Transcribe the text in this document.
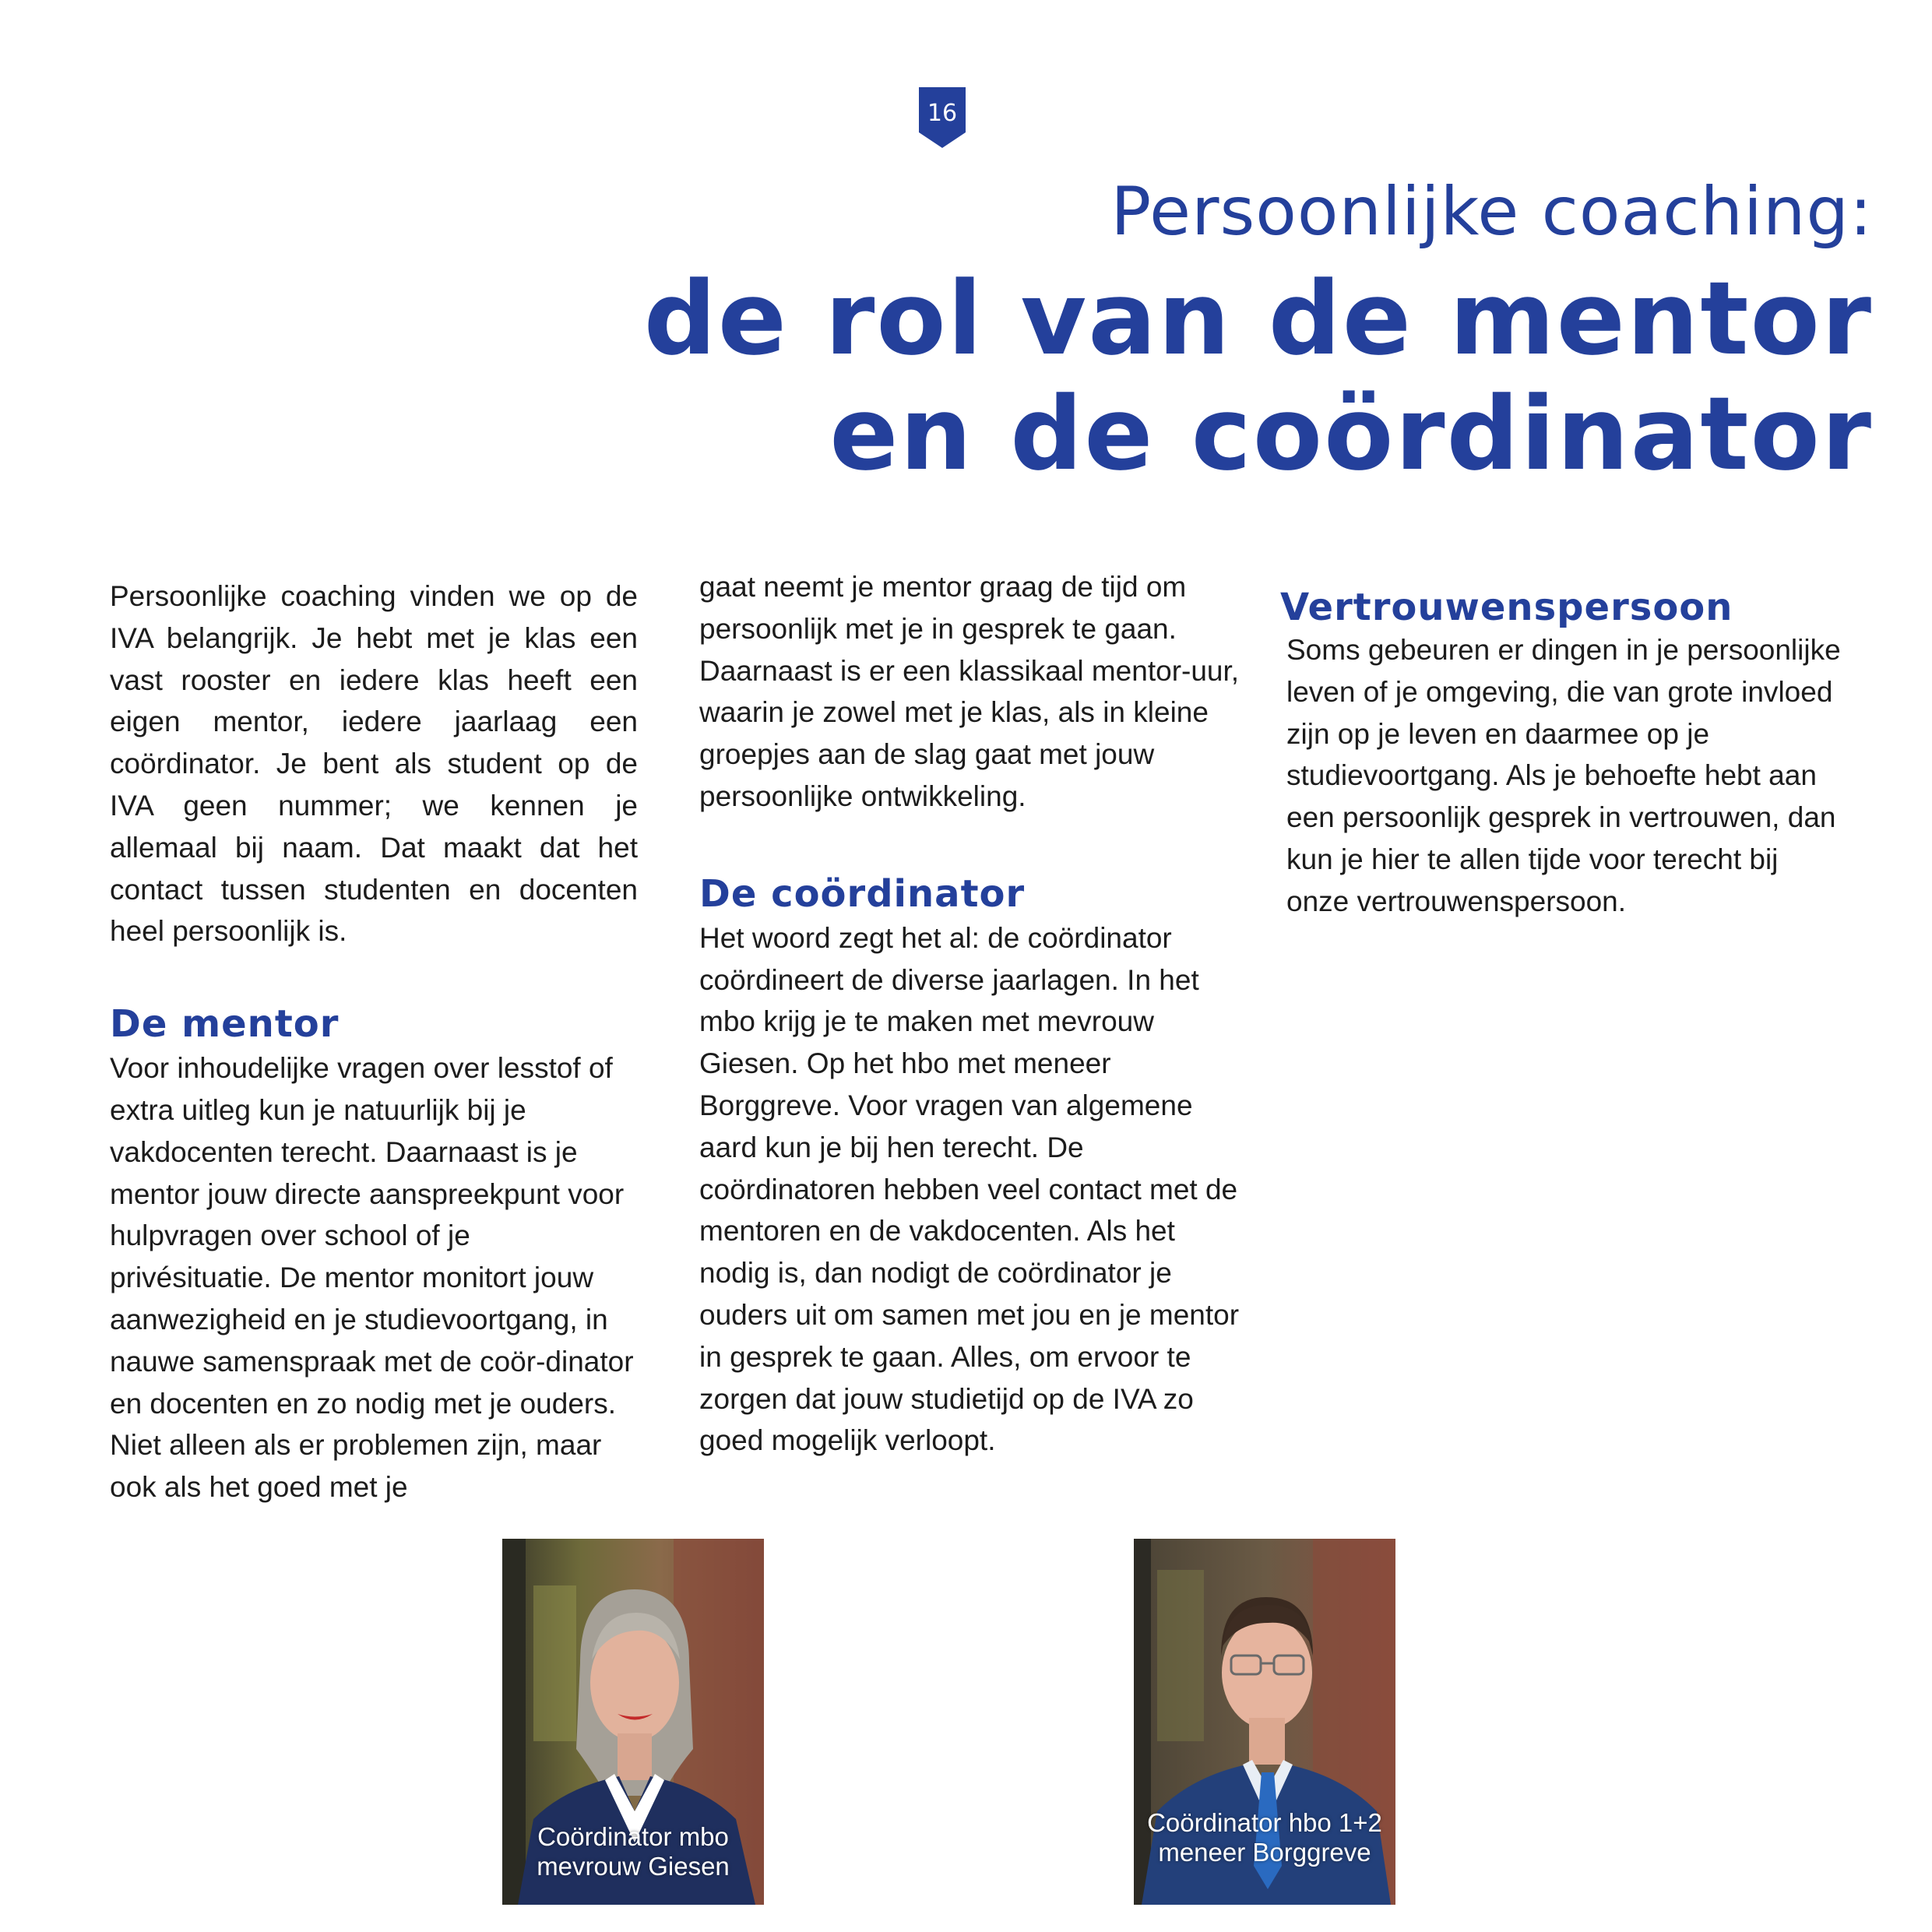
16
Persoonlijke coaching:
de rol van de mentor
en de coördinator

Persoonlijke coaching vinden we op de IVA belangrijk. Je hebt met je klas een vast rooster en iedere klas heeft een eigen mentor, iedere jaarlaag een coördinator. Je bent als student op de IVA geen nummer; we kennen je allemaal bij naam. Dat maakt dat het contact tussen studenten en docenten heel persoonlijk is.

De mentor

Voor inhoudelijke vragen over lesstof of extra uitleg kun je natuurlijk bij je vakdocenten terecht. Daarnaast is je mentor jouw directe aanspreekpunt voor hulpvragen over school of je privésituatie. De mentor monitort jouw aanwezigheid en je studievoortgang, in nauwe samenspraak met de coör-dinator en docenten en zo nodig met je ouders. Niet alleen als er problemen zijn, maar ook als het goed met je

gaat neemt je mentor graag de tijd om persoonlijk met je in gesprek te gaan. Daarnaast is er een klassikaal mentor-uur, waarin je zowel met je klas, als in kleine groepjes aan de slag gaat met jouw persoonlijke ontwikkeling.

De coördinator

Het woord zegt het al: de coördinator coördineert de diverse jaarlagen. In het mbo krijg je te maken met mevrouw Giesen. Op het hbo met meneer Borggreve. Voor vragen van algemene aard kun je bij hen terecht. De coördinatoren hebben veel contact met de mentoren en de vakdocenten. Als het nodig is, dan nodigt de coördinator je ouders uit om samen met jou en je mentor in gesprek te gaan. Alles, om ervoor te zorgen dat jouw studietijd op de IVA zo goed mogelijk verloopt.

Vertrouwenspersoon

Soms gebeuren er dingen in je persoonlijke leven of je omgeving, die van grote invloed zijn op je leven en daarmee op je studievoortgang. Als je behoefte hebt aan een persoonlijk gesprek in vertrouwen, dan kun je hier te allen tijde voor terecht bij onze vertrouwenspersoon.

Coördinator mbo
mevrouw Giesen
Coördinator hbo 1+2
meneer Borggreve
